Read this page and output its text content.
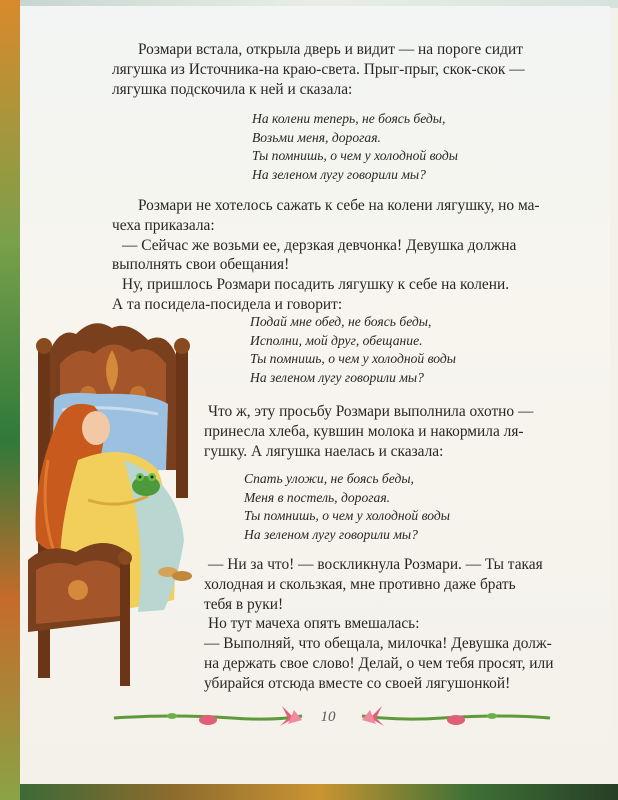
Розмари встала, открыла дверь и видит — на пороге сидит
лягушка из Источника-на краю-света. Прыг-прыг, скок-скок —
лягушка подскочила к ней и сказала:
На колени теперь, не боясь беды,
Возьми меня, дорогая.
Ты помнишь, о чем у холодной воды
На зеленом лугу говорили мы?
Розмари не хотелось сажать к себе на колени лягушку, но ма-
чеха приказала:
— Сейчас же возьми ее, дерзкая девчонка! Девушка должна
выполнять свои обещания!
Ну, пришлось Розмари посадить лягушку к себе на колени.
А та посидела-посидела и говорит:
Подай мне обед, не боясь беды,
Исполни, мой друг, обещание.
Ты помнишь, о чем у холодной воды
На зеленом лугу говорили мы?
Что ж, эту просьбу Розмари выполнила охотно —
принесла хлеба, кувшин молока и накормила ля-
гушку. А лягушка наелась и сказала:
Спать уложи, не боясь беды,
Меня в постель, дорогая.
Ты помнишь, о чем у холодной воды
На зеленом лугу говорили мы?
— Ни за что! — воскликнула Розмари. — Ты такая
холодная и скользкая, мне противно даже брать
тебя в руки!
Но тут мачеха опять вмешалась:
— Выполняй, что обещала, милочка! Девушка долж-
на держать свое слово! Делай, о чем тебя просят, или
убирайся отсюда вместе со своей лягушонкой!
10
